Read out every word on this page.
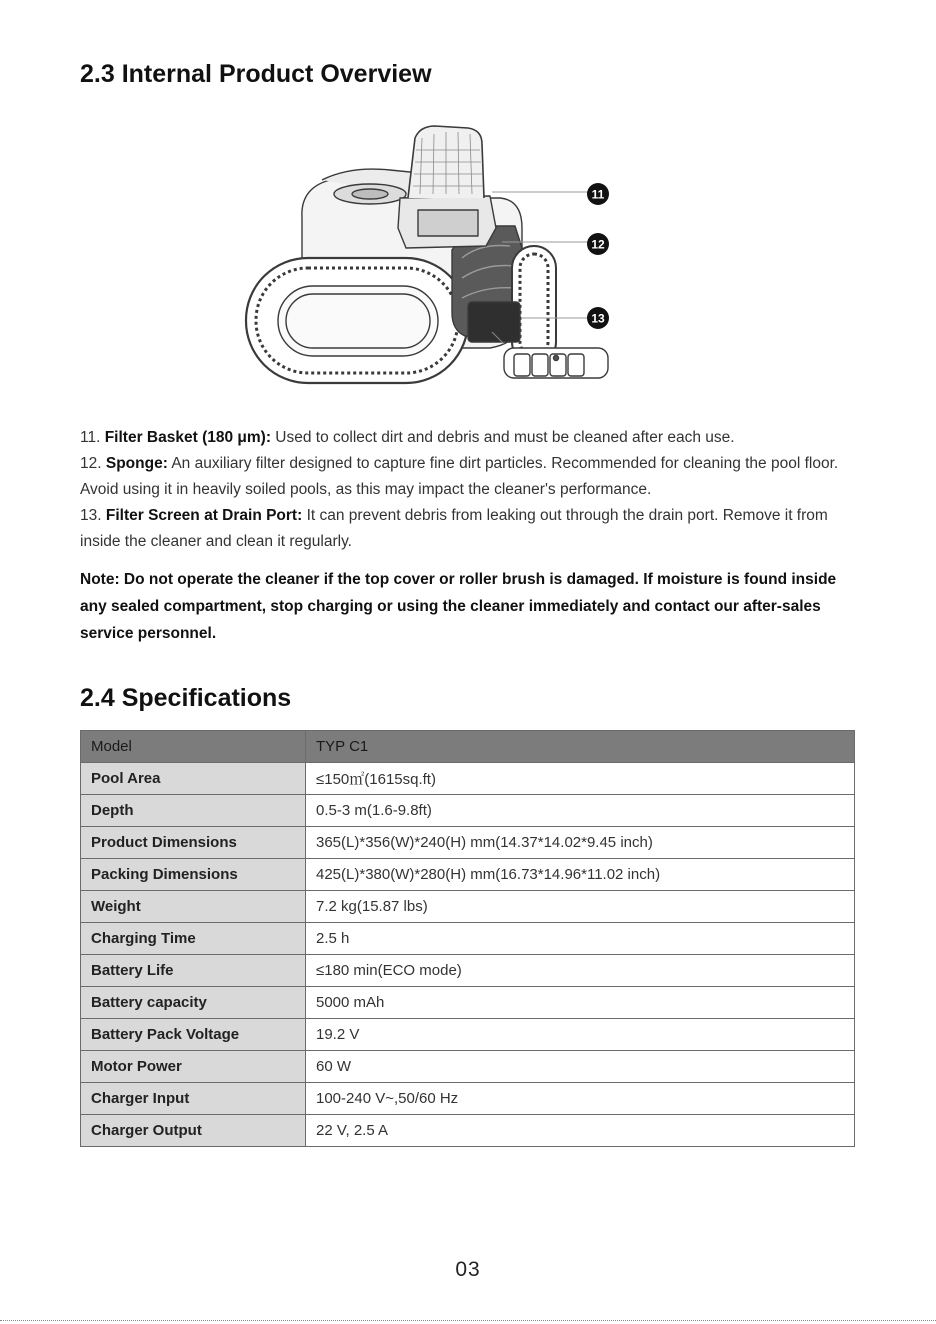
2.3 Internal Product Overview
11
12
13

11. Filter Basket (180 μm): Used to collect dirt and debris and must be cleaned after each use.

12. Sponge: An auxiliary filter designed to capture fine dirt particles. Recommended for cleaning the pool floor. Avoid using it in heavily soiled pools, as this may impact the cleaner's performance.

13. Filter Screen at Drain Port: It can prevent debris from leaking out through the drain port. Remove it from inside the cleaner and clean it regularly.

Note: Do not operate the cleaner if the top cover or roller brush is damaged. If moisture is found inside any sealed compartment, stop charging or using the cleaner immediately and contact our after-sales service personnel.
2.4 Specifications
Model	TYP C1
Pool Area	≤150㎡(1615sq.ft)
Depth	0.5-3 m(1.6-9.8ft)
Product Dimensions	365(L)*356(W)*240(H) mm(14.37*14.02*9.45 inch)
Packing Dimensions	425(L)*380(W)*280(H) mm(16.73*14.96*11.02 inch)
Weight	7.2 kg(15.87 lbs)
Charging Time	2.5 h
Battery Life	≤180 min(ECO mode)
Battery capacity	5000 mAh
Battery Pack Voltage	19.2 V
Motor Power	60 W
Charger Input	100-240 V~,50/60 Hz
Charger Output	22 V, 2.5 A
03
